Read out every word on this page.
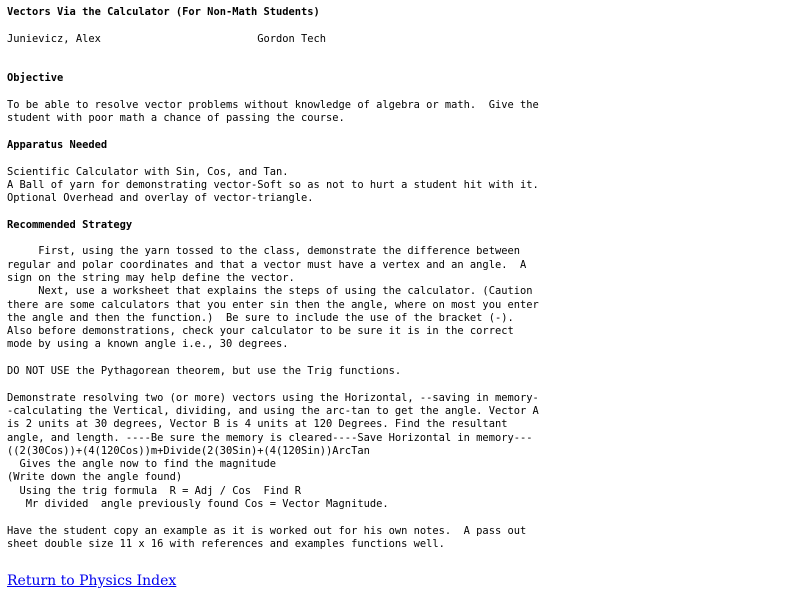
Vectors Via the Calculator (For Non-Math Students)
Junievicz, Alex                         Gordon Tech
Objective
To be able to resolve vector problems without knowledge of algebra or math.  Give the
student with poor math a chance of passing the course.
Apparatus Needed
Scientific Calculator with Sin, Cos, and Tan.
A Ball of yarn for demonstrating vector-Soft so as not to hurt a student hit with it.
Optional Overhead and overlay of vector-triangle.
Recommended Strategy
First, using the yarn tossed to the class, demonstrate the difference between
regular and polar coordinates and that a vector must have a vertex and an angle.  A
sign on the string may help define the vector.
Next, use a worksheet that explains the steps of using the calculator. (Caution
there are some calculators that you enter sin then the angle, where on most you enter
the angle and then the function.)  Be sure to include the use of the bracket (-).
Also before demonstrations, check your calculator to be sure it is in the correct
mode by using a known angle i.e., 30 degrees.
DO NOT USE the Pythagorean theorem, but use the Trig functions.
Demonstrate resolving two (or more) vectors using the Horizontal, --saving in memory-
-calculating the Vertical, dividing, and using the arc-tan to get the angle. Vector A
is 2 units at 30 degrees, Vector B is 4 units at 120 Degrees. Find the resultant
angle, and length. ----Be sure the memory is cleared----Save Horizontal in memory---
((2(30Cos))+(4(120Cos))m+Divide(2(30Sin)+(4(120Sin))ArcTan
Gives the angle now to find the magnitude
(Write down the angle found)
Using the trig formula  R = Adj / Cos  Find R
Mr divided  angle previously found Cos = Vector Magnitude.
Have the student copy an example as it is worked out for his own notes.  A pass out
sheet double size 11 x 16 with references and examples functions well.
Return to Physics Index
